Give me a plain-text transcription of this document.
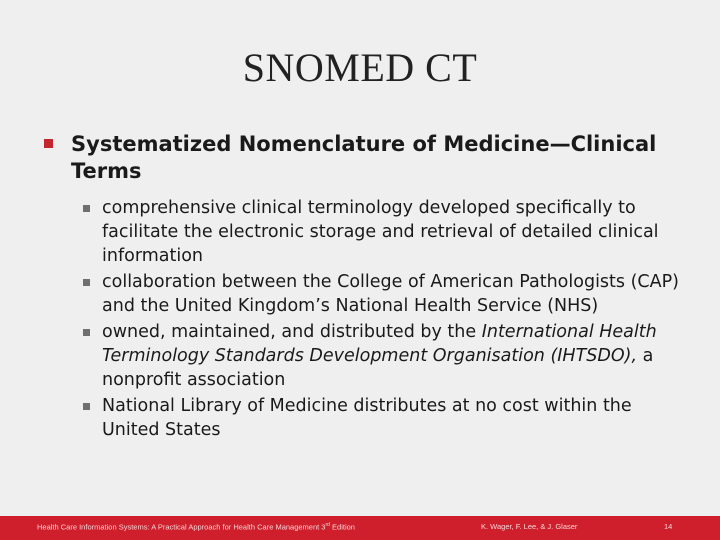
SNOMED CT
Systematized Nomenclature of Medicine—Clinical Terms
comprehensive clinical terminology developed specifically to facilitate the electronic storage and retrieval of detailed clinical information
collaboration between the College of American Pathologists (CAP) and the United Kingdom’s National Health Service (NHS)
owned, maintained, and distributed by the International Health Terminology Standards Development Organisation (IHTSDO), a nonprofit association
National Library of Medicine distributes at no cost within the United States
Health Care Information Systems: A Practical Approach for Health Care Management 3rd Edition	K. Wager, F. Lee, & J. Glaser	14
